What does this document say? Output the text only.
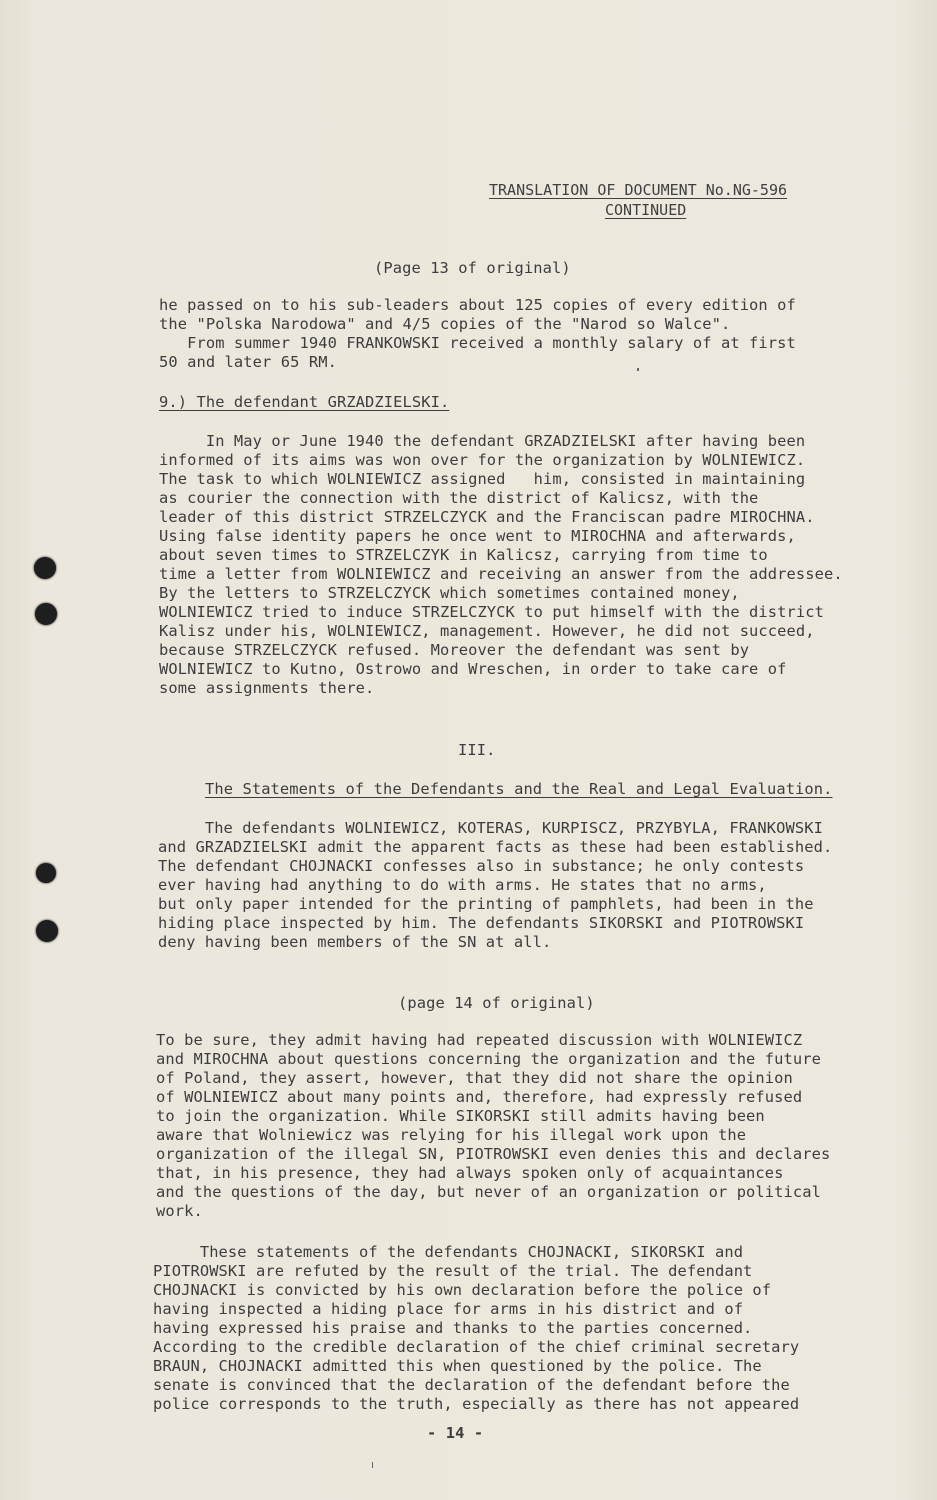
TRANSLATION OF DOCUMENT No.NG-596
CONTINUED
(Page 13 of original)
he passed on to his sub-leaders about 125 copies of every edition of
the "Polska Narodowa" and 4/5 copies of the "Narod so Walce".
From summer 1940 FRANKOWSKI received a monthly salary of at first
50 and later 65 RM.
9.) The defendant GRZADZIELSKI.
In May or June 1940 the defendant GRZADZIELSKI after having been
informed of its aims was won over for the organization by WOLNIEWICZ.
The task to which WOLNIEWICZ assigned   him, consisted in maintaining
as courier the connection with the district of Kalicsz, with the
leader of this district STRZELCZYCK and the Franciscan padre MIROCHNA.
Using false identity papers he once went to MIROCHNA and afterwards,
about seven times to STRZELCZYK in Kalicsz, carrying from time to
time a letter from WOLNIEWICZ and receiving an answer from the addressee.
By the letters to STRZELCZYCK which sometimes contained money,
WOLNIEWICZ tried to induce STRZELCZYCK to put himself with the district
Kalisz under his, WOLNIEWICZ, management. However, he did not succeed,
because STRZELCZYCK refused. Moreover the defendant was sent by
WOLNIEWICZ to Kutno, Ostrowo and Wreschen, in order to take care of
some assignments there.
III.
The Statements of the Defendants and the Real and Legal Evaluation.
The defendants WOLNIEWICZ, KOTERAS, KURPISCZ, PRZYBYLA, FRANKOWSKI
and GRZADZIELSKI admit the apparent facts as these had been established.
The defendant CHOJNACKI confesses also in substance; he only contests
ever having had anything to do with arms. He states that no arms,
but only paper intended for the printing of pamphlets, had been in the
hiding place inspected by him. The defendants SIKORSKI and PIOTROWSKI
deny having been members of the SN at all.
(page 14 of original)
To be sure, they admit having had repeated discussion with WOLNIEWICZ
and MIROCHNA about questions concerning the organization and the future
of Poland, they assert, however, that they did not share the opinion
of WOLNIEWICZ about many points and, therefore, had expressly refused
to join the organization. While SIKORSKI still admits having been
aware that Wolniewicz was relying for his illegal work upon the
organization of the illegal SN, PIOTROWSKI even denies this and declares
that, in his presence, they had always spoken only of acquaintances
and the questions of the day, but never of an organization or political
work.
These statements of the defendants CHOJNACKI, SIKORSKI and
PIOTROWSKI are refuted by the result of the trial. The defendant
CHOJNACKI is convicted by his own declaration before the police of
having inspected a hiding place for arms in his district and of
having expressed his praise and thanks to the parties concerned.
According to the credible declaration of the chief criminal secretary
BRAUN, CHOJNACKI admitted this when questioned by the police. The
senate is convinced that the declaration of the defendant before the
police corresponds to the truth, especially as there has not appeared
- 14 -
